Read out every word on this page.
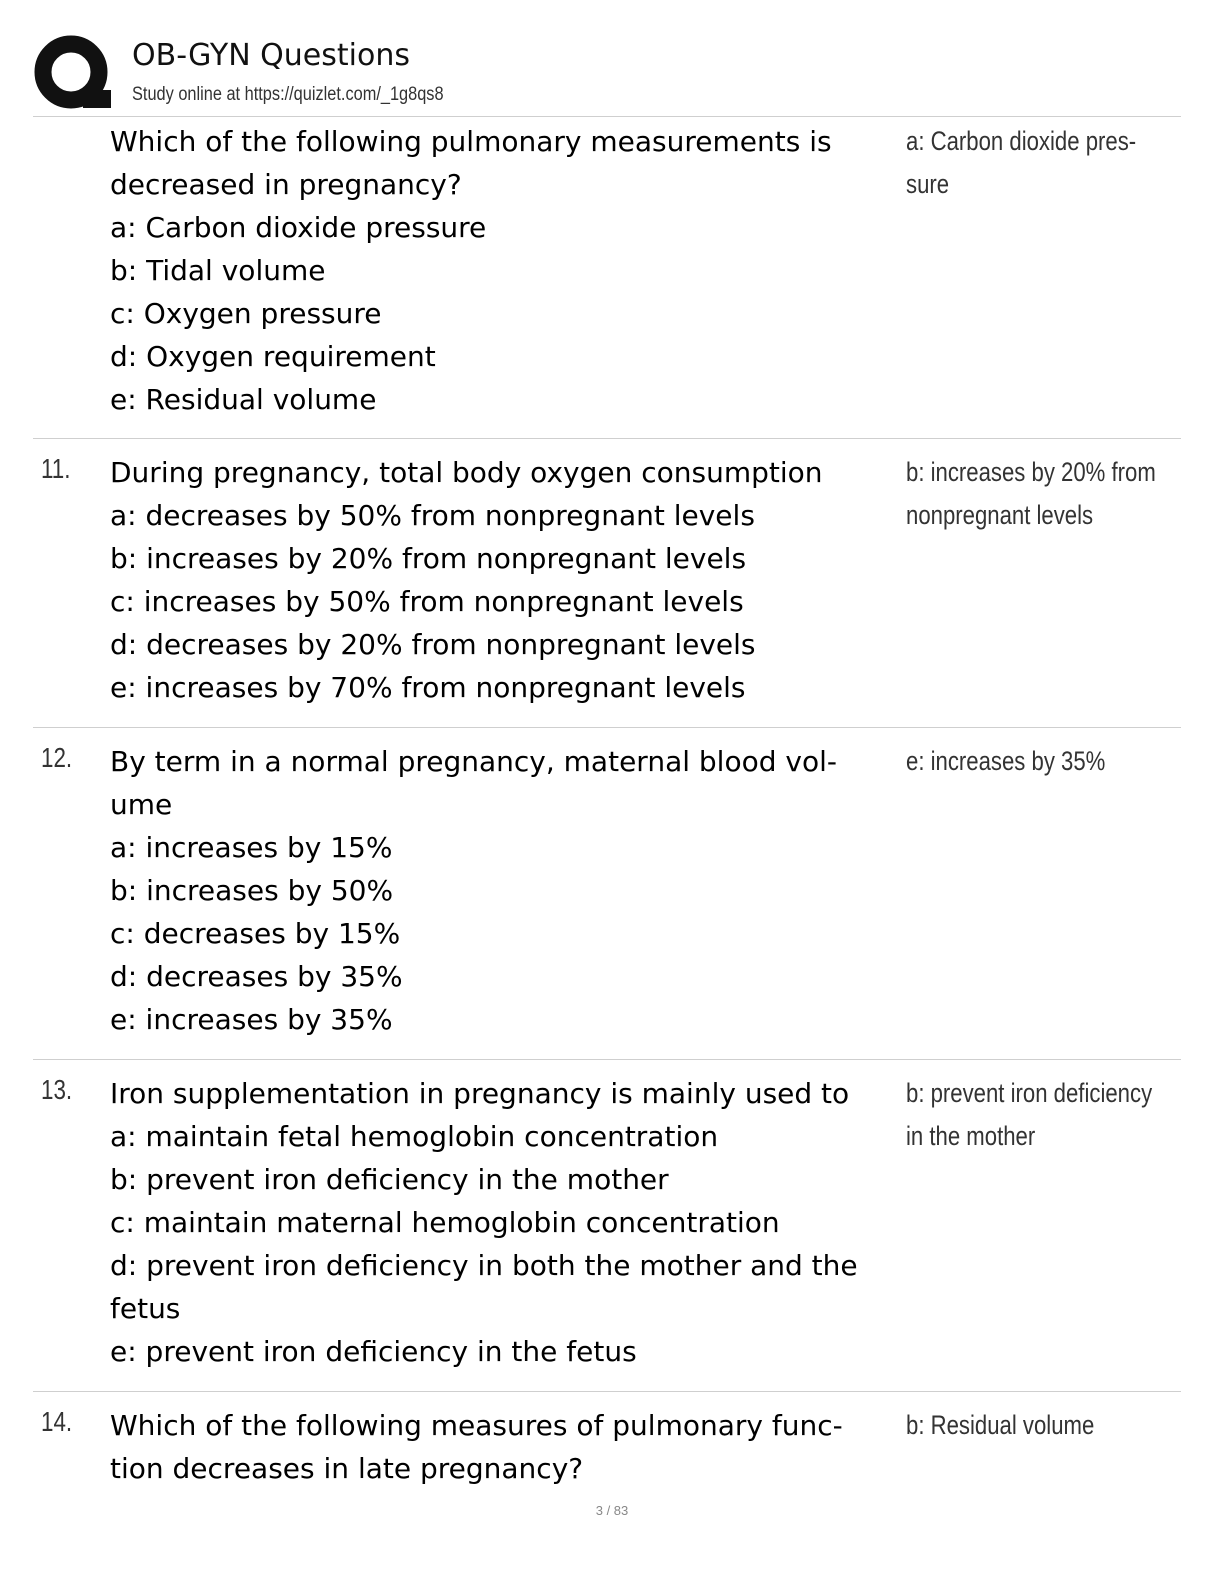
OB-GYN Questions
Study online at https://quizlet.com/_1g8qs8
Which of the following pulmonary measurements is
decreased in pregnancy?
a: Carbon dioxide pressure
b: Tidal volume
c: Oxygen pressure
d: Oxygen requirement
e: Residual volume
a: Carbon dioxide pres-
sure
11. During pregnancy, total body oxygen consumption
a: decreases by 50% from nonpregnant levels
b: increases by 20% from nonpregnant levels
c: increases by 50% from nonpregnant levels
d: decreases by 20% from nonpregnant levels
e: increases by 70% from nonpregnant levels
b: increases by 20% from
nonpregnant levels
12. By term in a normal pregnancy, maternal blood vol-
ume
a: increases by 15%
b: increases by 50%
c: decreases by 15%
d: decreases by 35%
e: increases by 35%
e: increases by 35%
13. Iron supplementation in pregnancy is mainly used to
a: maintain fetal hemoglobin concentration
b: prevent iron deficiency in the mother
c: maintain maternal hemoglobin concentration
d: prevent iron deficiency in both the mother and the
fetus
e: prevent iron deficiency in the fetus
b: prevent iron deficiency
in the mother
14. Which of the following measures of pulmonary func-
tion decreases in late pregnancy?
b: Residual volume
3 / 83
